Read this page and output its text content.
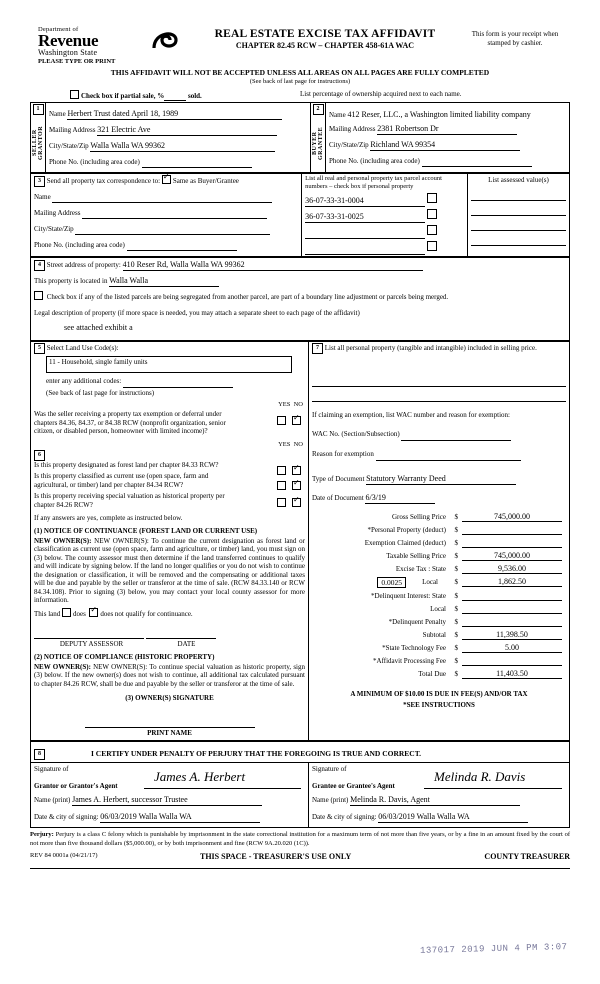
Department of
Revenue
Washington State
REAL ESTATE EXCISE TAX AFFIDAVIT
CHAPTER 82.45 RCW – CHAPTER 458-61A WAC
This form is your receipt when stamped by cashier.
PLEASE TYPE OR PRINT
THIS AFFIDAVIT WILL NOT BE ACCEPTED UNLESS ALL AREAS ON ALL PAGES ARE FULLY COMPLETED
(See back of last page for instructions)
Check box if partial sale, %	sold.	List percentage of ownership acquired next to each name.
1
SELLER GRANTOR

Name Herbert Trust dated April 18, 1989
Mailing Address 321 Electric Ave
City/State/Zip Walla Walla WA 99362
Phone No. (including area code)

2
BUYER GRANTEE

Name 412 Reser, LLC., a Washington limited liability company
Mailing Address 2381 Robertson Dr
City/State/Zip Richland WA 99354
Phone No. (including area code)
3 Send all property tax correspondence to: ✓ Same as Buyer/Grantee
Name
Mailing Address
City/State/Zip
Phone No. (including area code)

List all real and personal property tax parcel account numbers – check box if personal property
36-07-33-31-0004
36-07-33-31-0025

List assessed value(s)

4 Street address of property: 410 Reser Rd, Walla Walla WA 99362
This property is located in Walla Walla
Check box if any of the listed parcels are being segregated from another parcel, are part of a boundary line adjustment or parcels being merged.
Legal description of property (if more space is needed, you may attach a separate sheet to each page of the affidavit)
see attached exhibit a
5 Select Land Use Code(s):
11 - Household, single family units
enter any additional codes:
(See back of last page for instructions)
YES NO
Was the seller receiving a property tax exemption or deferral under chapters 84.36, 84.37, or 84.38 RCW (nonprofit organization, senior citizen, or disabled person, homeowner with limited income)?
✓
YES NO
6
Is this property designated as forest land per chapter 84.33 RCW?
✓
Is this property classified as current use (open space, farm and agricultural, or timber) land per chapter 84.34 RCW?
✓
Is this property receiving special valuation as historical property per chapter 84.26 RCW?
✓
If any answers are yes, complete as instructed below.
(1) NOTICE OF CONTINUANCE (FOREST LAND OR CURRENT USE)
NEW OWNER(S): NEW OWNER(S): To continue the current designation as forest land or classification as current use (open space, farm and agriculture, or timber) land, you must sign on (3) below. The county assessor must then determine if the land transferred continues to qualify and will indicate by signing below. If the land no longer qualifies or you do not wish to continue the designation or classification, it will be removed and the compensating or additional taxes will be due and payable by the seller or transferor at the time of sale. (RCW 84.33.140 or RCW 84.34.108). Prior to signing (3) below, you may contact your local county assessor for more information.
This land does ✓ does not qualify for continuance.

DEPUTY ASSESSOR	DATE
(2) NOTICE OF COMPLIANCE (HISTORIC PROPERTY)
NEW OWNER(S): NEW OWNER(S): To continue special valuation as historic property, sign (3) below. If the new owner(s) does not wish to continue, all additional tax calculated pursuant to chapter 84.26 RCW, shall be due and payable by the seller or transferor at the time of sale.
(3) OWNER(S) SIGNATURE

PRINT NAME

7 List all personal property (tangible and intangible) included in selling price.
If claiming an exemption, list WAC number and reason for exemption:
WAC No. (Section/Subsection)
Reason for exemption
Type of Document Statutory Warranty Deed
Date of Document 6/3/19
Gross Selling Price $	745,000.00
*Personal Property (deduct) $

Exemption Claimed (deduct) $

Taxable Selling Price $	745,000.00
Excise Tax : State $	9,536.00
0.0025	Local $	1,862.50
*Delinquent Interest: State $

Local $

*Delinquent Penalty $

Subtotal $	11,398.50
*State Technology Fee $	5.00
*Affidavit Processing Fee $

Total Due $	11,403.50
A MINIMUM OF $10.00 IS DUE IN FEE(S) AND/OR TAX
*SEE INSTRUCTIONS
8	I CERTIFY UNDER PENALTY OF PERJURY THAT THE FOREGOING IS TRUE AND CORRECT.

Signature of
Grantor or Grantor's Agent
James A. Herbert
Name (print) James A. Herbert, successor Trustee
Date & city of signing: 06/03/2019 Walla Walla WA

Signature of
Grantee or Grantee's Agent
Melinda R. Davis
Name (print) Melinda R. Davis, Agent
Date & city of signing: 06/03/2019 Walla Walla WA
Perjury: Perjury is a class C felony which is punishable by imprisonment in the state correctional institution for a maximum term of not more than five years, or by a fine in an amount fixed by the court of not more than five thousand dollars ($5,000.00), or by both imprisonment and fine (RCW 9A.20.020 (1C)).
REV 84 0001a (04/21/17)	THIS SPACE - TREASURER'S USE ONLY	COUNTY TREASURER
137017 2019 JUN 4 PM 3:07
